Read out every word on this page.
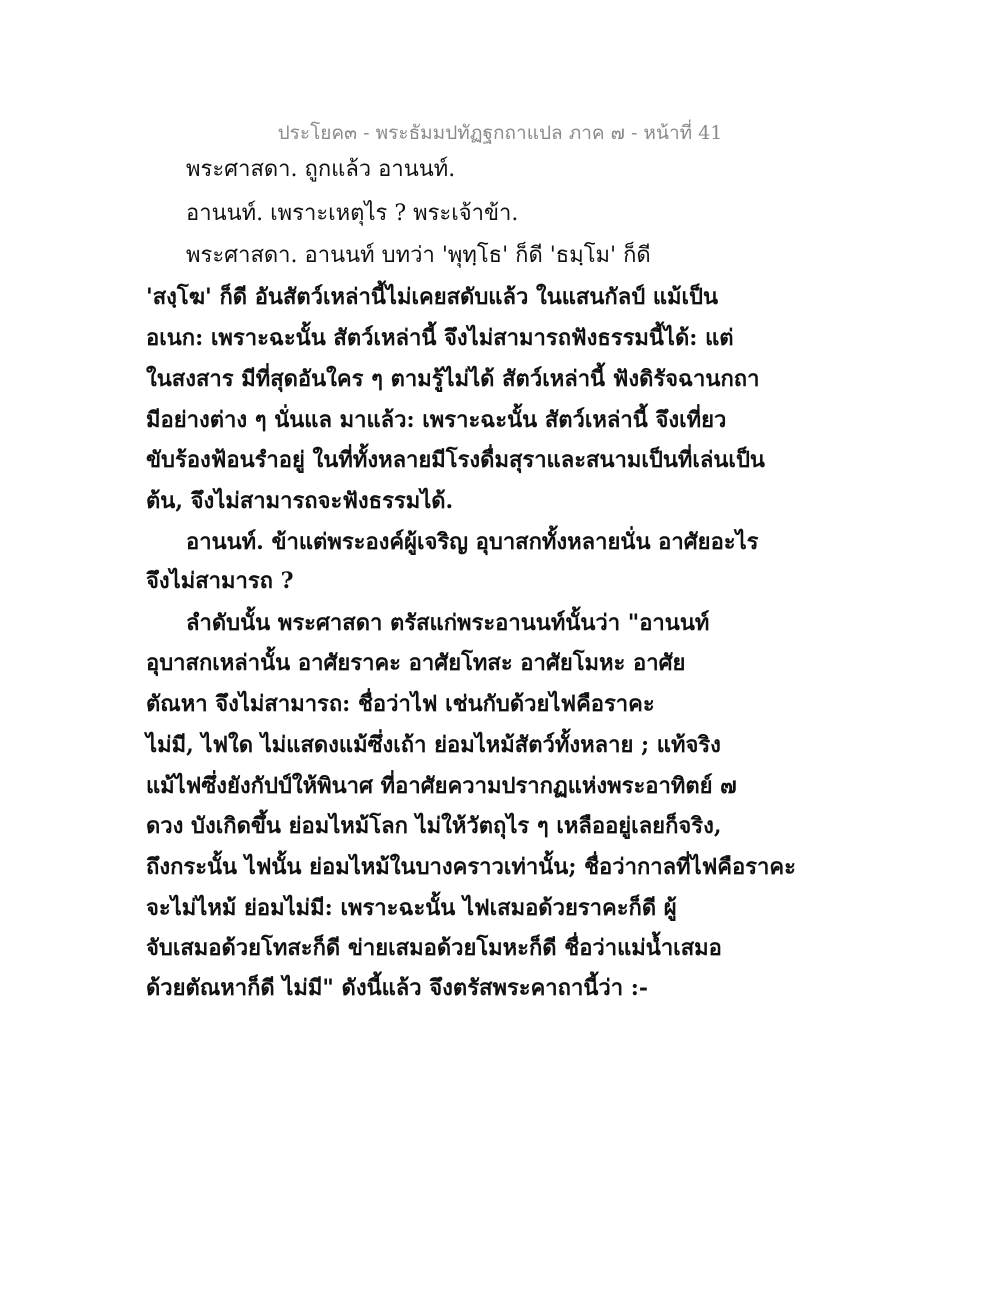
ประโยค๓ - พระธัมมปทัฏฐกถาแปล ภาค ๗ - หน้าที่ 41
พระศาสดา. ถูกแล้ว อานนท์.
อานนท์. เพราะเหตุไร ? พระเจ้าข้า.
พระศาสดา. อานนท์ บทว่า 'พุทฺโธ' ก็ดี 'ธมฺโม' ก็ดี
'สงฺโฆ' ก็ดี อันสัตว์เหล่านี้ไม่เคยสดับแล้ว ในแสนกัลป์ แม้เป็น
อเนก: เพราะฉะนั้น สัตว์เหล่านี้ จึงไม่สามารถฟังธรรมนี้ได้: แต่
ในสงสาร มีที่สุดอันใคร ๆ ตามรู้ไม่ได้ สัตว์เหล่านี้ ฟังดิรัจฉานกถา
มีอย่างต่าง ๆ นั่นแล มาแล้ว: เพราะฉะนั้น สัตว์เหล่านี้ จึงเที่ยว
ขับร้องฟ้อนรำอยู่ ในที่ทั้งหลายมีโรงดื่มสุราและสนามเป็นที่เล่นเป็น
ต้น, จึงไม่สามารถจะฟังธรรมได้.
อานนท์. ข้าแต่พระองค์ผู้เจริญ อุบาสกทั้งหลายนั่น อาศัยอะไร
จึงไม่สามารถ ?
ลำดับนั้น พระศาสดา ตรัสแก่พระอานนท์นั้นว่า "อานนท์
อุบาสกเหล่านั้น อาศัยราคะ อาศัยโทสะ อาศัยโมหะ อาศัย
ตัณหา จึงไม่สามารถ: ชื่อว่าไฟ เช่นกับด้วยไฟคือราคะ
ไม่มี, ไฟใด ไม่แสดงแม้ซึ่งเถ้า ย่อมไหม้สัตว์ทั้งหลาย ; แท้จริง
แม้ไฟซึ่งยังกัปป์ให้พินาศ ที่อาศัยความปรากฏแห่งพระอาทิตย์ ๗
ดวง บังเกิดขึ้น ย่อมไหม้โลก ไม่ให้วัตถุไร ๆ เหลืออยู่เลยก็จริง,
ถึงกระนั้น ไฟนั้น ย่อมไหม้ในบางคราวเท่านั้น; ชื่อว่ากาลที่ไฟคือราคะ
จะไม่ไหม้ ย่อมไม่มี: เพราะฉะนั้น ไฟเสมอด้วยราคะก็ดี ผู้
จับเสมอด้วยโทสะก็ดี ข่ายเสมอด้วยโมหะก็ดี ชื่อว่าแม่น้ำเสมอ
ด้วยตัณหาก็ดี ไม่มี" ดังนี้แล้ว จึงตรัสพระคาถานี้ว่า :-
